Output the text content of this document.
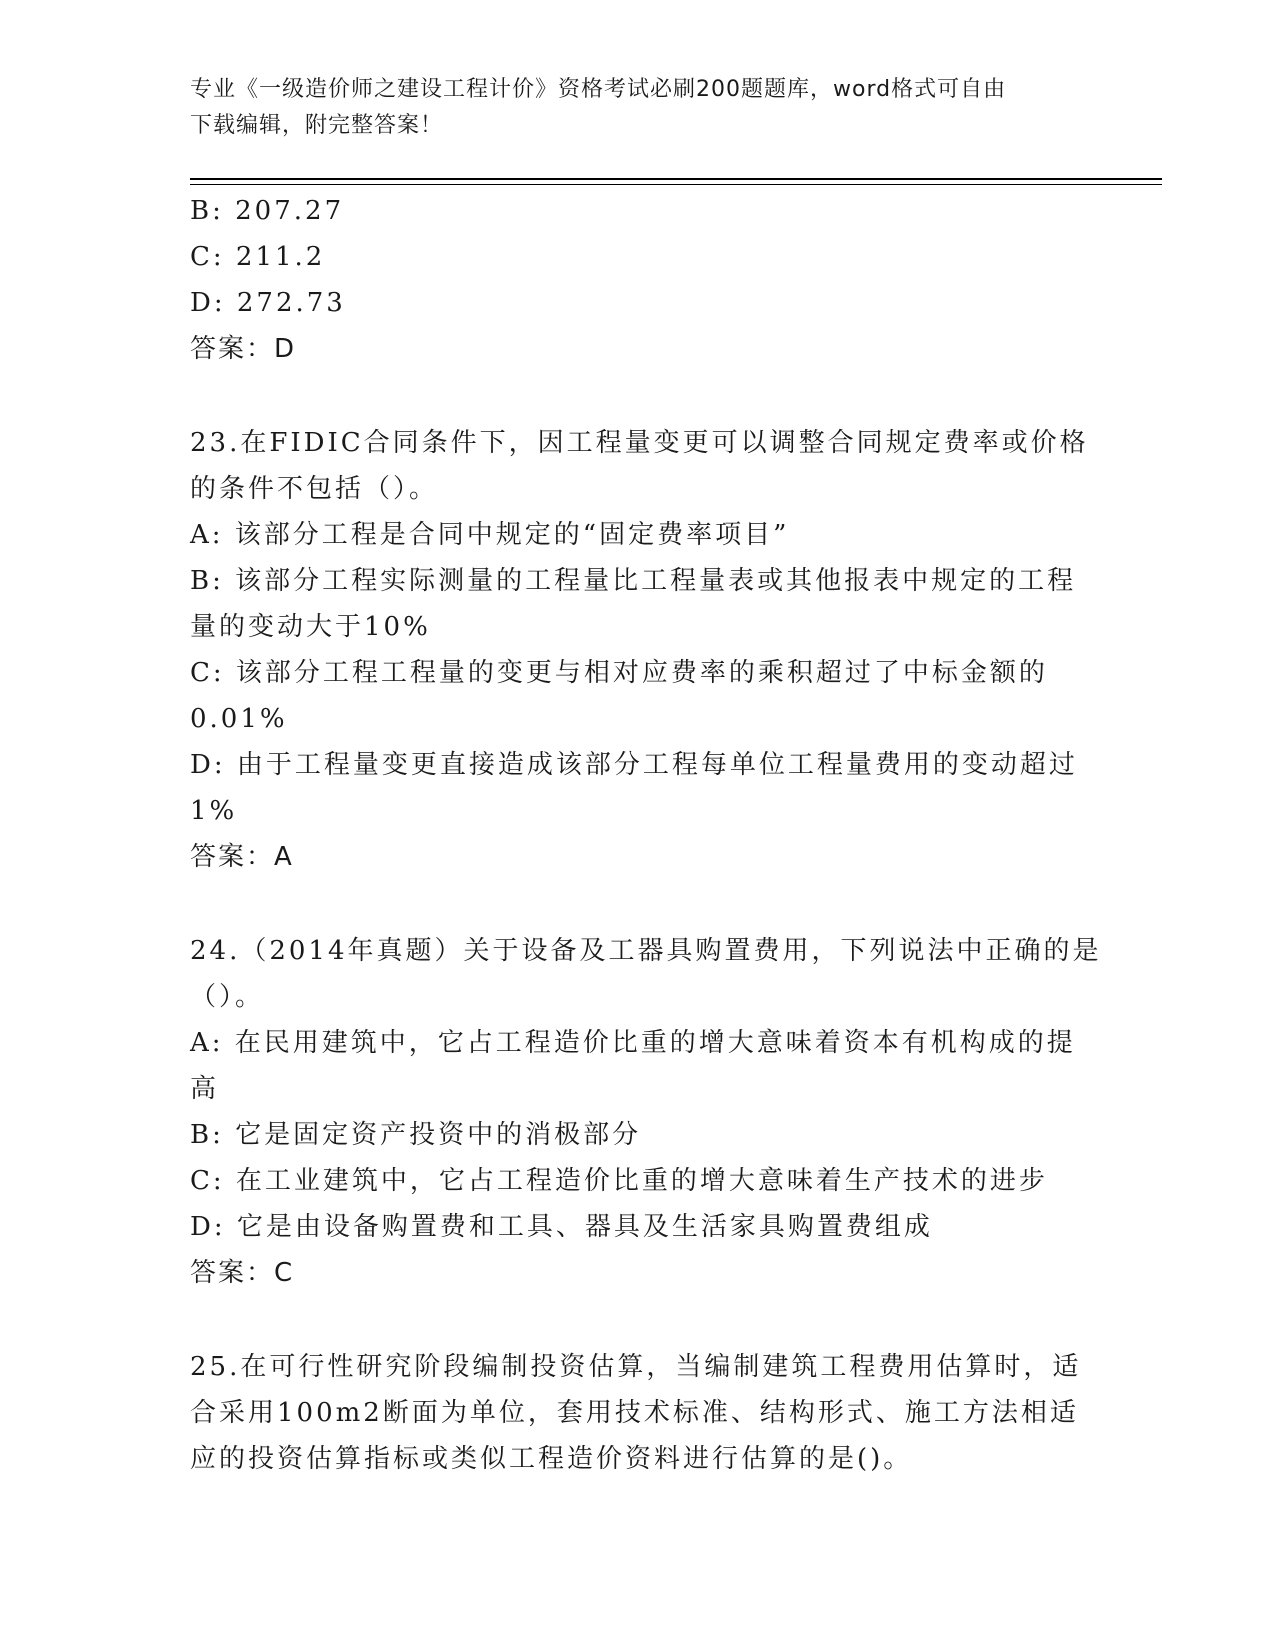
专业《一级造价师之建设工程计价》资格考试必刷200题题库，word格式可自由
下载编辑，附完整答案！
B: 207.27
C: 211.2
D: 272.73
答案：D
23.在FIDIC合同条件下，因工程量变更可以调整合同规定费率或价格
的条件不包括（）。
A: 该部分工程是合同中规定的“固定费率项目”
B: 该部分工程实际测量的工程量比工程量表或其他报表中规定的工程
量的变动大于10%
C: 该部分工程工程量的变更与相对应费率的乘积超过了中标金额的
0.01%
D: 由于工程量变更直接造成该部分工程每单位工程量费用的变动超过
1%
答案：A
24.（2014年真题）关于设备及工器具购置费用，下列说法中正确的是
（）。
A: 在民用建筑中，它占工程造价比重的增大意味着资本有机构成的提
高
B: 它是固定资产投资中的消极部分
C: 在工业建筑中，它占工程造价比重的增大意味着生产技术的进步
D: 它是由设备购置费和工具、器具及生活家具购置费组成
答案：C
25.在可行性研究阶段编制投资估算，当编制建筑工程费用估算时，适
合采用100m2断面为单位，套用技术标准、结构形式、施工方法相适
应的投资估算指标或类似工程造价资料进行估算的是()。
